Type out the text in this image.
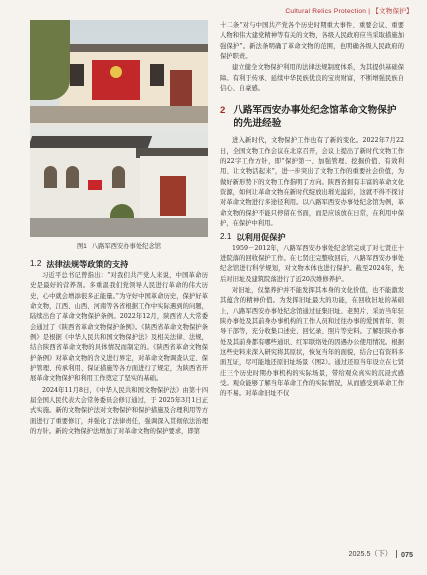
Cultural Relics Protection | 【文物保护】
图1 八路军西安办事处纪念馆
1.2 法律法规等政策的支持

习近平总书记曾指出：“对我们共产党人来说，中国革命历史是最好的营养剂。多重温我们党领导人民进行革命的伟大历史，心中就会增添很多正能量。”为守好中国革命历史，保护好革命文物，江西、山西、河南等各省根据工作中实际遇到的问题，陆续出台了革命文物保护条例。2022年12月，陕西省人大常委会通过了《陕西省革命文物保护条例》。《陕西省革命文物保护条例》是根据《中华人民共和国文物保护法》及相关法律、法规，结合陕西省革命文物的具体情况而制定的。《陕西省革命文物保护条例》对革命文物的含义进行界定，对革命文物调查认定、保护管理、传承利用、保证措施等各方面进行了规定，为陕西省开展革命文物保护和利用工作奠定了坚实的基础。

2024年11月8日，《中华人民共和国文物保护法》由第十四届全国人民代表大会常务委员会修订通过，于 2025年3月1日正式实施。新的文物保护法对文物保护和保护措施及合理利用等方面进行了重要修订，并强化了法律责任，强调深入贯彻依法治理的方针。新的文物保护法增加了对革命文物的保护要求，即第

十二条“对与中国共产党各个历史时期重大事件、重要会议、重要人物和伟大建党精神等有关的文物，各级人民政府应当采取措施加强保护”。新法条明确了革命文物的范围，也明确各级人民政府的保护职责。

建立健全文物保护利用的法律法规制度体系，为其提供基础保障。有利于传承、延续中华民族优良的宝贵财富，不断增强民族自信心、自豪感。

2 八路军西安办事处纪念馆革命文物保护的先进经验

进入新时代，文物保护工作也有了新的变化。2022年7月22日，全国文物工作会议在北京召开，会议上提出了新时代文物工作的22字工作方针，即“保护第一、加强管理、挖掘价值、有效利用、让文物活起来”，进一步突出了文物工作的重要社会价值，为做好新形势下的文物工作指明了方向。陕西省拥有丰富的革命文化资源，如何让革命文物在新时代绽放出璀光溢彩，这就不得不探讨对革命文物进行多途径利用。以八路军西安办事处纪念馆为例，革命文物的保护不能只停留在书面，而是应该放在日常，在利用中保护，在保护中利用。

2.1 以利用促保护

1959－2012年，八路军西安办事处纪念馆完成了对七贤庄十进院落的回收保护工作。在七贤庄完整收回后，八路军西安办事处纪念馆进行科学规划，对文物本体也进行保护。截至2024年，先后对旧址及建筑院落进行了近20次维修养护。

对旧址，仅靠养护并不能发挥其本身的文化价值，也不能激发其蕴含的精神价值。为发挥旧址最大的功能，在回收旧址的基础上，八路军西安办事处纪念馆通过征集旧址、老照片、采访当年驻陕办事处及其前身办事机构的工作人员和过往办事的爱国青年、领导干部等，充分收集口述史、回忆录、照片等史料。了解驻陕办事处及其前身都有哪些通讯、红军联络处的因遇办公使用情况。根据这些史料来深入研究将其原状，恢复当年的面貌，结合已有资料多面互证，尽可能地还原旧址场景（图2）。通过还原当年设立在七贤庄三个历史时期办事机构的实际场景，带给观众真实的沉浸式感受。观众能够了解当年革命工作的实际情况，从而感受到革命工作的不易。对革命旧址不仅

2025.5（下） 075
